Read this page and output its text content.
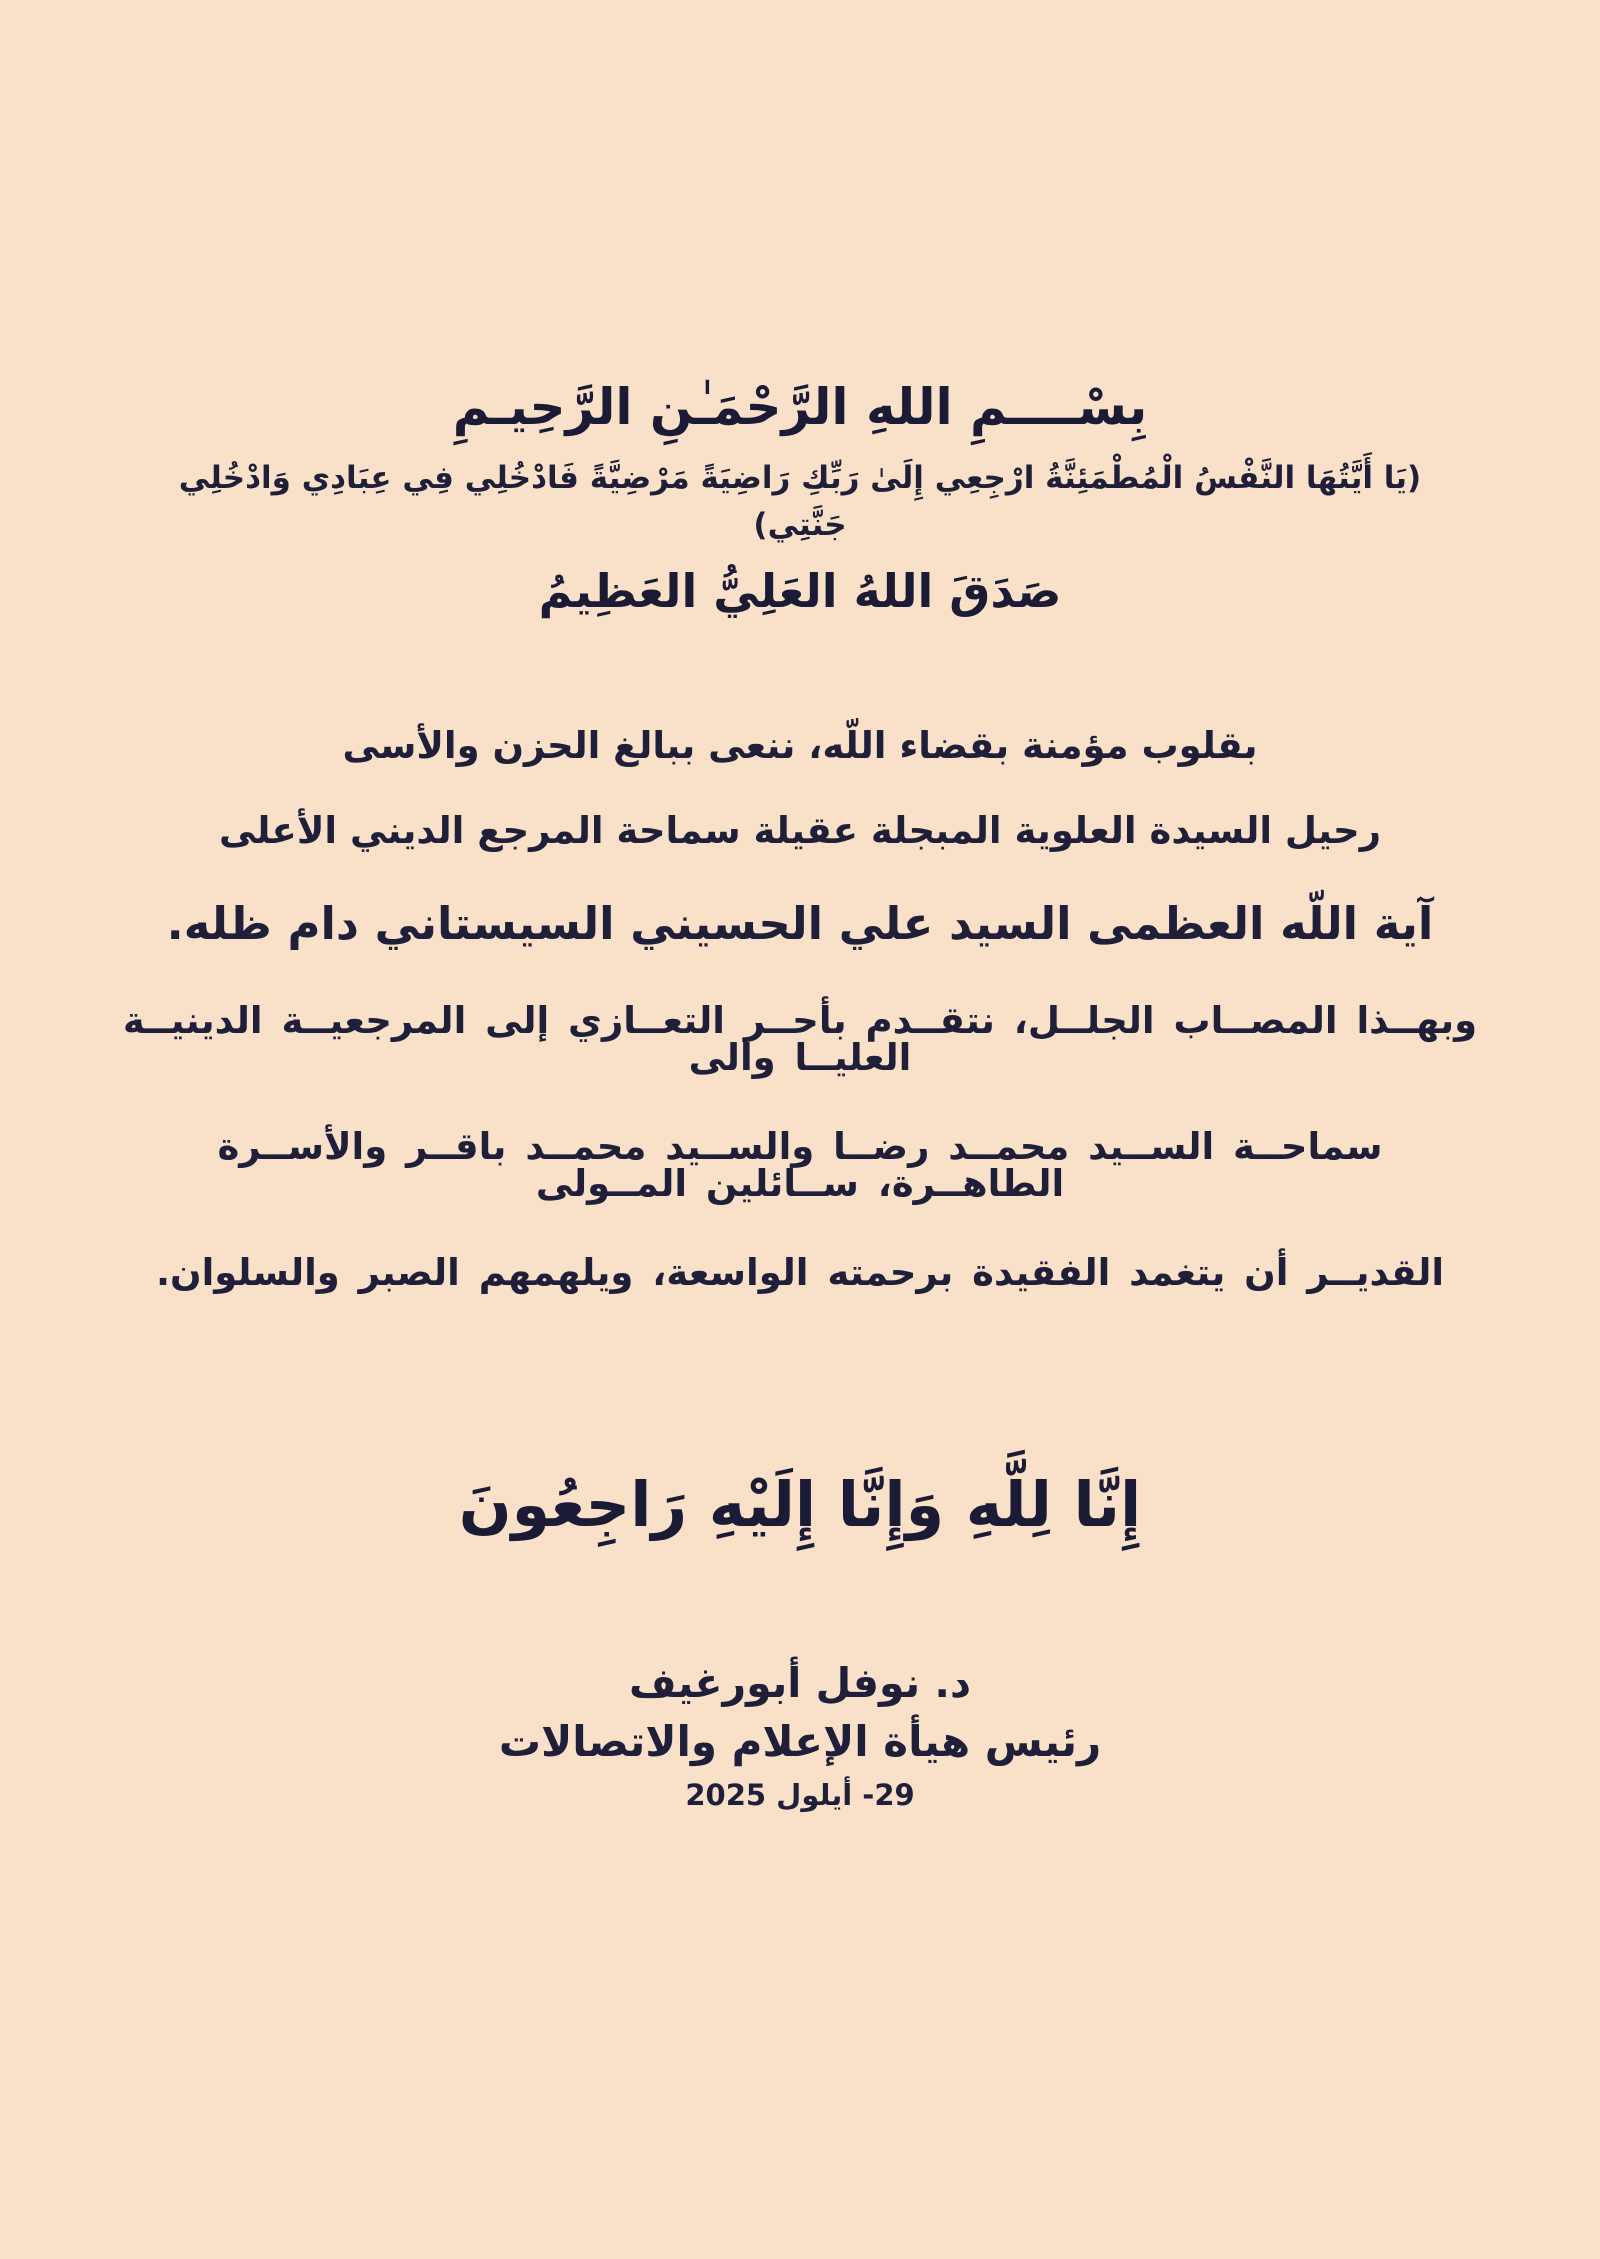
بِسْــــمِ اللهِ الرَّحْمَـٰنِ الرَّحِيـمِ
(يَا أَيَّتُهَا النَّفْسُ الْمُطْمَئِنَّةُ ارْجِعِي إِلَىٰ رَبِّكِ رَاضِيَةً مَرْضِيَّةً فَادْخُلِي فِي عِبَادِي وَادْخُلِي جَنَّتِي)
صَدَقَ اللهُ العَلِيُّ العَظِيمُ
بقلوب مؤمنة بقضاء اللّه، ننعى ببالغ الحزن والأسى
رحيل السيدة العلوية المبجلة عقيلة سماحة المرجع الديني الأعلى
آية اللّه العظمى السيد علي الحسيني السيستاني دام ظله.
وبهــذا المصــاب الجلــل، نتقــدم بأحــر التعــازي إلى المرجعيــة الدينيــة العليــا والى
سماحــة الســيد محمــد رضــا والســيد محمــد باقــر والأســرة الطاهــرة، ســائلين المــولى
القديــر أن يتغمد الفقيدة برحمته الواسعة، ويلهمهم الصبر والسلوان.
إِنَّا لِلَّهِ وَإِنَّا إِلَيْهِ رَاجِعُونَ
د. نوفل أبورغيف
رئيس هيأة الإعلام والاتصالات
29- أيلول 2025
